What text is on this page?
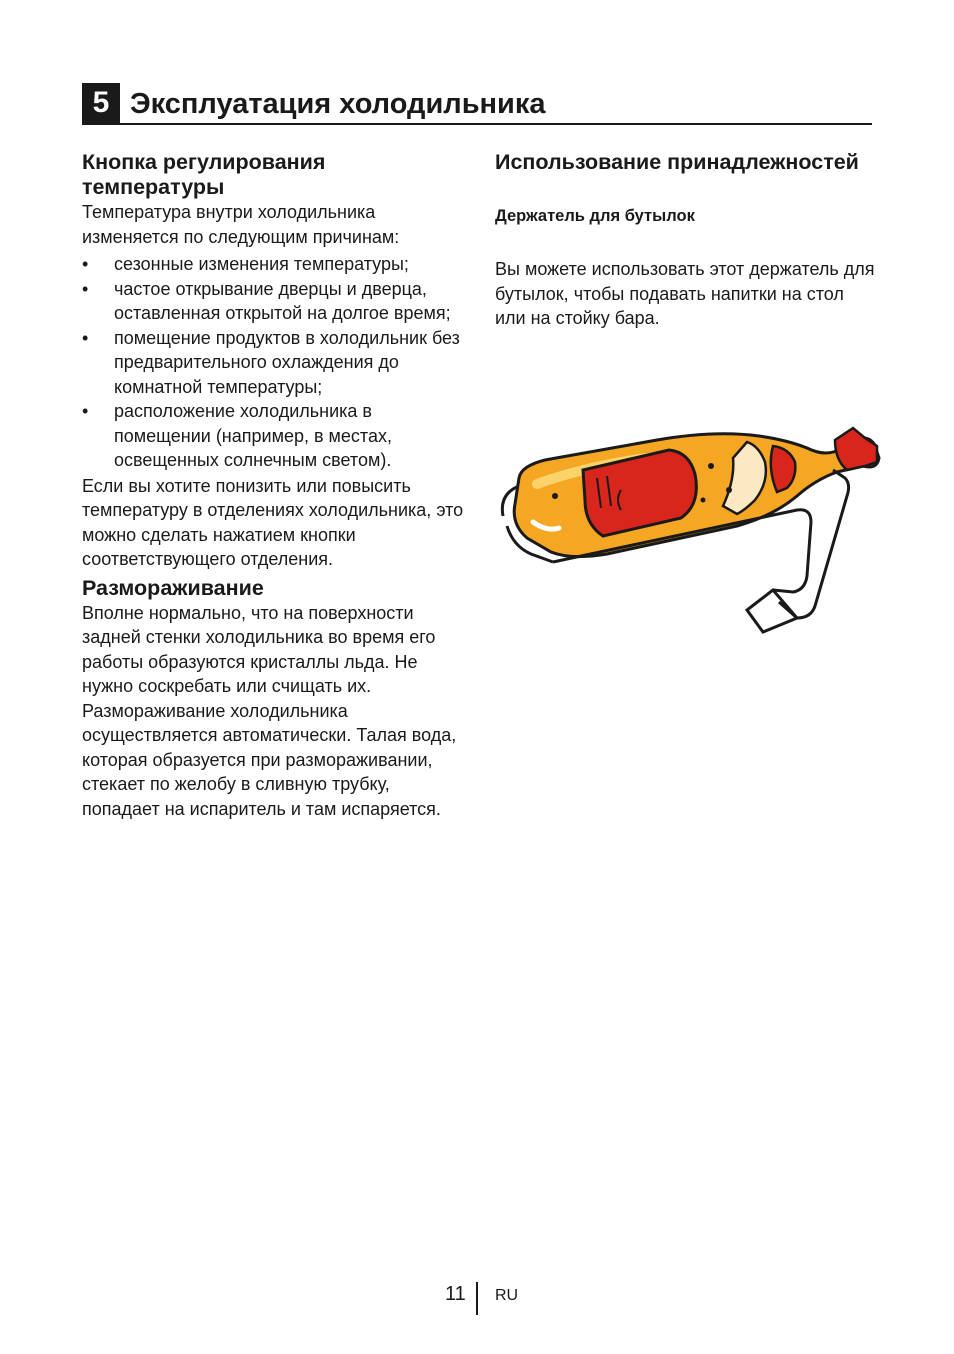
5 Эксплуатация холодильника
Кнопка регулирования температуры

Температура внутри холодильника изменяется по следующим причинам:

• сезонные изменения температуры;
• частое открывание дверцы и дверца, оставленная открытой на долгое время;
• помещение продуктов в холодильник без предварительного охлаждения до комнатной температуры;
• расположение холодильника в помещении (например, в местах, освещенных солнечным светом).

Если вы хотите понизить или повысить температуру в отделениях холодильника, это можно сделать нажатием кнопки соответствующего отделения.

Размораживание

Вполне нормально, что на поверхности задней стенки холодильника во время его работы образуются кристаллы льда. Не нужно соскребать или счищать их. Размораживание холодильника осуществляется автоматически. Талая вода, которая образуется при размораживании, стекает по желобу в сливную трубку, попадает на испаритель и там испаряется.

Использование принадлежностей
Держатель для бутылок

Вы можете использовать этот держатель для бутылок, чтобы подавать напитки на стол или на стойку бара.

11 RU
